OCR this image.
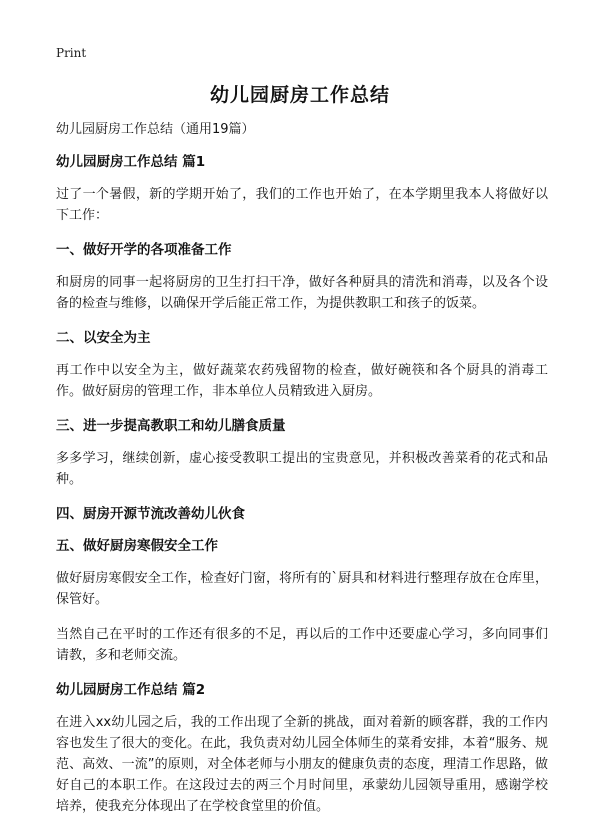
Print
幼儿园厨房工作总结

幼儿园厨房工作总结（通用19篇）

幼儿园厨房工作总结 篇1

过了一个暑假，新的学期开始了，我们的工作也开始了，在本学期里我本人将做好以下工作：

一、做好开学的各项准备工作

和厨房的同事一起将厨房的卫生打扫干净，做好各种厨具的清洗和消毒，以及各个设备的检查与维修，以确保开学后能正常工作，为提供教职工和孩子的饭菜。

二、以安全为主

再工作中以安全为主，做好蔬菜农药残留物的检查，做好碗筷和各个厨具的消毒工作。做好厨房的管理工作，非本单位人员精致进入厨房。

三、进一步提高教职工和幼儿膳食质量

多多学习，继续创新，虚心接受教职工提出的宝贵意见，并积极改善菜肴的花式和品种。

四、厨房开源节流改善幼儿伙食

五、做好厨房寒假安全工作

做好厨房寒假安全工作，检查好门窗，将所有的`厨具和材料进行整理存放在仓库里，保管好。

当然自己在平时的工作还有很多的不足，再以后的工作中还要虚心学习，多向同事们请教，多和老师交流。

幼儿园厨房工作总结 篇2

在进入xx幼儿园之后，我的工作出现了全新的挑战，面对着新的顾客群，我的工作内容也发生了很大的变化。在此，我负责对幼儿园全体师生的菜肴安排，本着“服务、规范、高效、一流”的原则，对全体老师与小朋友的健康负责的态度，理清工作思路，做好自己的本职工作。在这段过去的两三个月时间里，承蒙幼儿园领导重用，感谢学校培养，使我充分体现出了在学校食堂里的价值。
